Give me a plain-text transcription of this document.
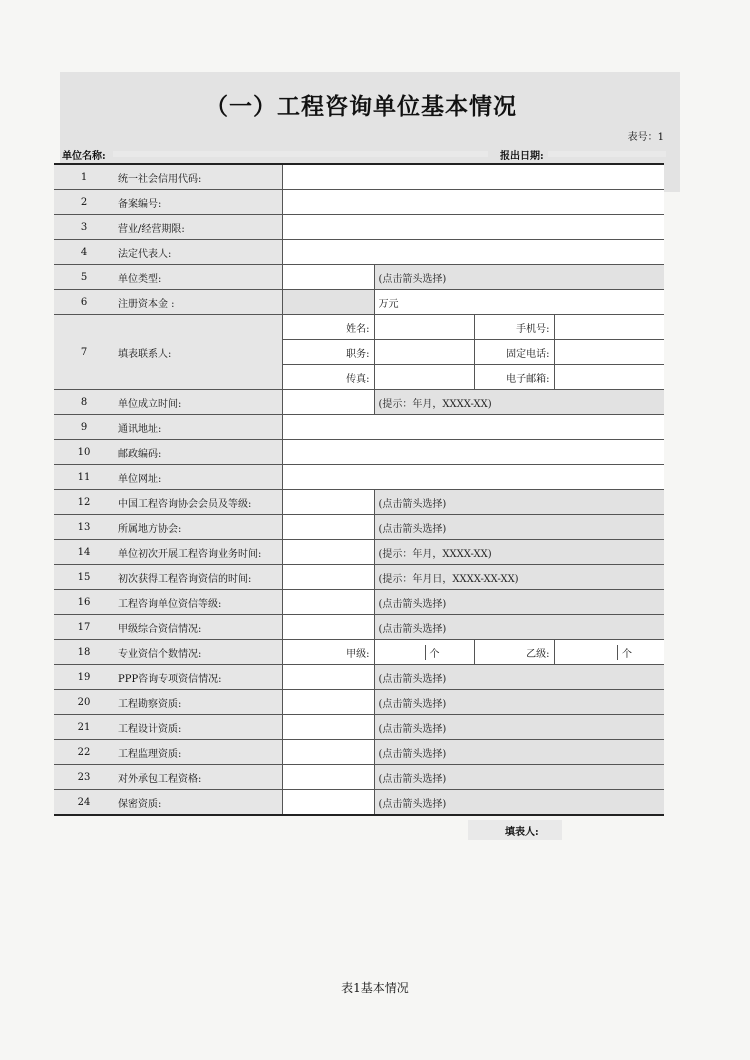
（一）工程咨询单位基本情况
表号：1
单位名称:	报出日期:
1	统一社会信用代码:				
2	备案编号:				
3	营业/经营期限:				
4	法定代表人:				
5	单位类型:		(点击箭头选择)		
6	注册资本金 :		万元		
7	填表联系人:	姓名:		手机号:	
		职务:		固定电话:	
		传真:		电子邮箱:	
8	单位成立时间:		(提示：年月，XXXX-XX)		
9	通讯地址:				
10	邮政编码:				
11	单位网址:				
12	中国工程咨询协会会员及等级:		(点击箭头选择)		
13	所属地方协会:		(点击箭头选择)		
14	单位初次开展工程咨询业务时间:		(提示：年月，XXXX-XX)		
15	初次获得工程咨询资信的时间:		(提示：年月日，XXXX-XX-XX)		
16	工程咨询单位资信等级:		(点击箭头选择)		
17	甲级综合资信情况:		(点击箭头选择)		
18	专业资信个数情况:	甲级:	个	乙级:	个

19	PPP咨询专项资信情况:		(点击箭头选择)		
20	工程勘察资质:		(点击箭头选择)		
21	工程设计资质:		(点击箭头选择)		
22	工程监理资质:		(点击箭头选择)		
23	对外承包工程资格:		(点击箭头选择)		
24	保密资质:		(点击箭头选择)		
填表人:
表1基本情况
